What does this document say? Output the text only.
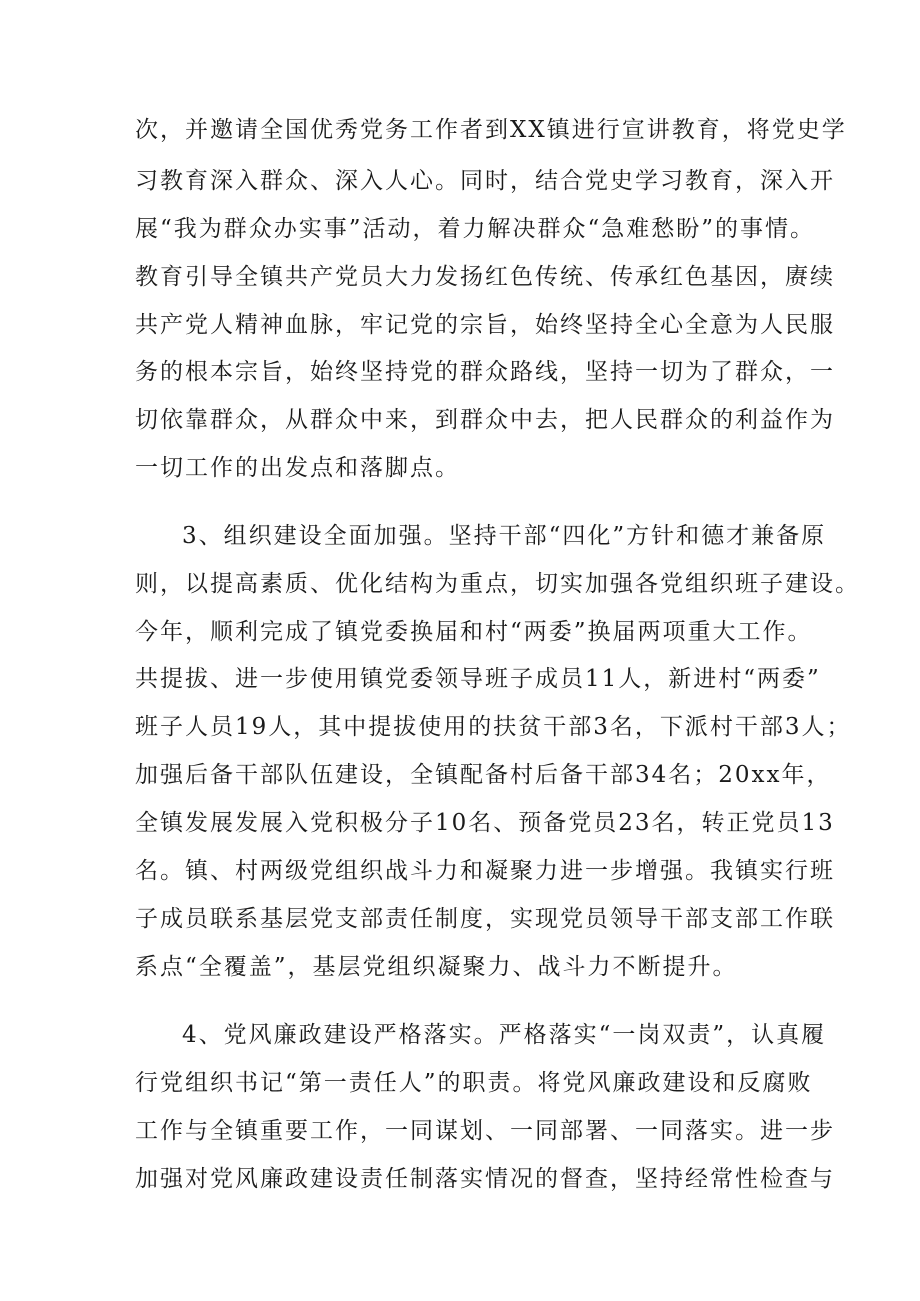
次，并邀请全国优秀党务工作者到XX镇进行宣讲教育，将党史学
习教育深入群众、深入人心。同时，结合党史学习教育，深入开
展“我为群众办实事”活动，着力解决群众“急难愁盼”的事情。
教育引导全镇共产党员大力发扬红色传统、传承红色基因，赓续
共产党人精神血脉，牢记党的宗旨，始终坚持全心全意为人民服
务的根本宗旨，始终坚持党的群众路线，坚持一切为了群众，一
切依靠群众，从群众中来，到群众中去，把人民群众的利益作为
一切工作的出发点和落脚点。
3、组织建设全面加强。坚持干部“四化”方针和德才兼备原
则，以提高素质、优化结构为重点，切实加强各党组织班子建设。
今年，顺利完成了镇党委换届和村“两委”换届两项重大工作。
共提拔、进一步使用镇党委领导班子成员11人，新进村“两委”
班子人员19人，其中提拔使用的扶贫干部3名，下派村干部3人；
加强后备干部队伍建设，全镇配备村后备干部34名；20xx年，
全镇发展发展入党积极分子10名、预备党员23名，转正党员13
名。镇、村两级党组织战斗力和凝聚力进一步增强。我镇实行班
子成员联系基层党支部责任制度，实现党员领导干部支部工作联
系点“全覆盖”，基层党组织凝聚力、战斗力不断提升。
4、党风廉政建设严格落实。严格落实“一岗双责”，认真履
行党组织书记“第一责任人”的职责。将党风廉政建设和反腐败
工作与全镇重要工作，一同谋划、一同部署、一同落实。进一步
加强对党风廉政建设责任制落实情况的督查，坚持经常性检查与
